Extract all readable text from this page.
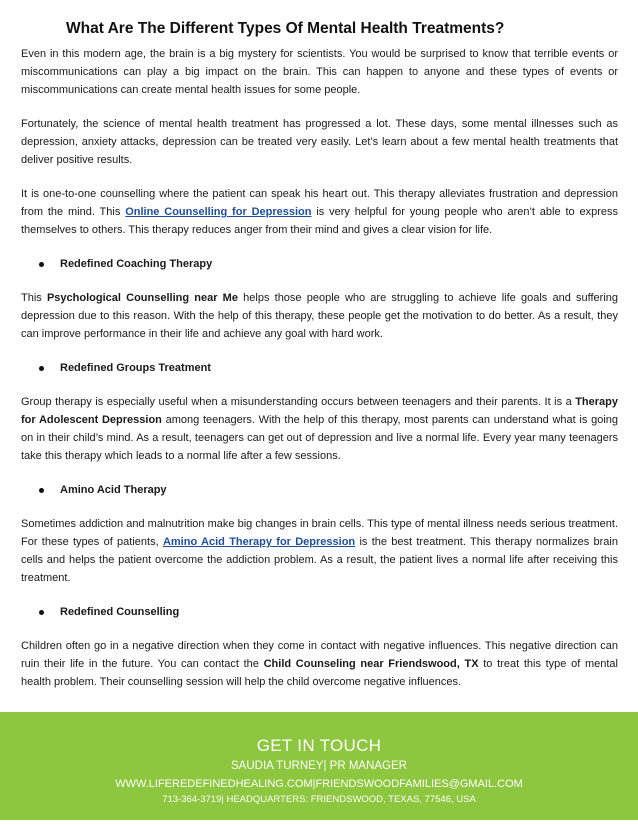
What Are The Different Types Of Mental Health Treatments?

Even in this modern age, the brain is a big mystery for scientists. You would be surprised to know that terrible events or miscommunications can play a big impact on the brain. This can happen to anyone and these types of events or miscommunications can create mental health issues for some people.

Fortunately, the science of mental health treatment has progressed a lot. These days, some mental illnesses such as depression, anxiety attacks, depression can be treated very easily. Let’s learn about a few mental health treatments that deliver positive results.

It is one-to-one counselling where the patient can speak his heart out. This therapy alleviates frustration and depression from the mind. This Online Counselling for Depression is very helpful for young people who aren’t able to express themselves to others. This therapy reduces anger from their mind and gives a clear vision for life.

Redefined Coaching Therapy

This Psychological Counselling near Me helps those people who are struggling to achieve life goals and suffering depression due to this reason. With the help of this therapy, these people get the motivation to do better. As a result, they can improve performance in their life and achieve any goal with hard work.

Redefined Groups Treatment

Group therapy is especially useful when a misunderstanding occurs between teenagers and their parents. It is a Therapy for Adolescent Depression among teenagers. With the help of this therapy, most parents can understand what is going on in their child’s mind. As a result, teenagers can get out of depression and live a normal life. Every year many teenagers take this therapy which leads to a normal life after a few sessions.

Amino Acid Therapy

Sometimes addiction and malnutrition make big changes in brain cells. This type of mental illness needs serious treatment. For these types of patients, Amino Acid Therapy for Depression is the best treatment. This therapy normalizes brain cells and helps the patient overcome the addiction problem. As a result, the patient lives a normal life after receiving this treatment.

Redefined Counselling

Children often go in a negative direction when they come in contact with negative influences. This negative direction can ruin their life in the future. You can contact the Child Counseling near Friendswood, TX to treat this type of mental health problem. Their counselling session will help the child overcome negative influences.

GET IN TOUCH
SAUDIA TURNEY| PR MANAGER
WWW.LIFEREDEFINEDHEALING.COM|FRIENDSWOODFAMILIES@GMAIL.COM
713-364-3719| HEADQUARTERS: FRIENDSWOOD, TEXAS, 77546, USA
